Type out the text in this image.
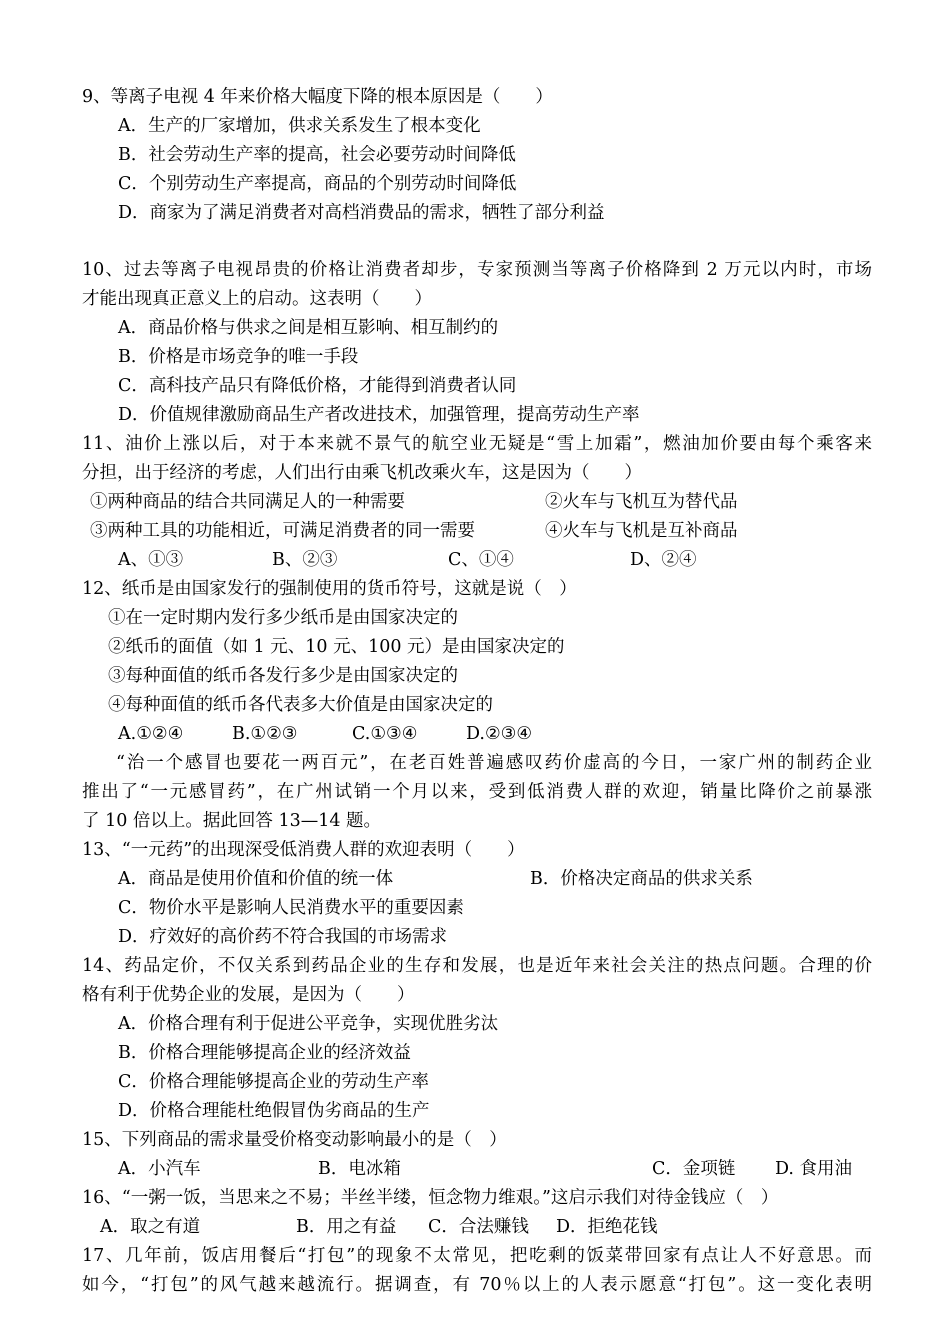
9、等离子电视 4 年来价格大幅度下降的根本原因是（　　）
A．生产的厂家增加，供求关系发生了根本变化
B．社会劳动生产率的提高，社会必要劳动时间降低
C．个别劳动生产率提高，商品的个别劳动时间降低
D．商家为了满足消费者对高档消费品的需求，牺牲了部分利益
10、过去等离子电视昂贵的价格让消费者却步，专家预测当等离子价格降到 2 万元以内时，市场
才能出现真正意义上的启动。这表明（　　）
A．商品价格与供求之间是相互影响、相互制约的
B．价格是市场竞争的唯一手段
C．高科技产品只有降低价格，才能得到消费者认同
D．价值规律激励商品生产者改进技术，加强管理，提高劳动生产率
11、油价上涨以后，对于本来就不景气的航空业无疑是“雪上加霜”，燃油加价要由每个乘客来
分担，出于经济的考虑，人们出行由乘飞机改乘火车，这是因为（　　）
①两种商品的结合共同满足人的一种需要	②火车与飞机互为替代品
③两种工具的功能相近，可满足消费者的同一需要	④火车与飞机是互补商品
A、①③	B、②③	C、①④	D、②④
12、纸币是由国家发行的强制使用的货币符号，这就是说（　）
①在一定时期内发行多少纸币是由国家决定的
②纸币的面值（如 1 元、10 元、100 元）是由国家决定的
③每种面值的纸币各发行多少是由国家决定的
④每种面值的纸币各代表多大价值是由国家决定的
A.①②④	B.①②③	C.①③④	D.②③④
“治一个感冒也要花一两百元”，在老百姓普遍感叹药价虚高的今日，一家广州的制药企业
推出了“一元感冒药”，在广州试销一个月以来，受到低消费人群的欢迎，销量比降价之前暴涨
了 10 倍以上。据此回答 13—14 题。
13、“一元药”的出现深受低消费人群的欢迎表明（　　）
A．商品是使用价值和价值的统一体	B．价格决定商品的供求关系
C．物价水平是影响人民消费水平的重要因素
D．疗效好的高价药不符合我国的市场需求
14、药品定价，不仅关系到药品企业的生存和发展，也是近年来社会关注的热点问题。合理的价
格有利于优势企业的发展，是因为（　　）
A．价格合理有利于促进公平竞争，实现优胜劣汰
B．价格合理能够提高企业的经济效益
C．价格合理能够提高企业的劳动生产率
D．价格合理能杜绝假冒伪劣商品的生产
15、下列商品的需求量受价格变动影响最小的是（　）
A．小汽车	B．电冰箱	C．金项链 D. 食用油
16、“一粥一饭，当思来之不易；半丝半缕，恒念物力维艰。”这启示我们对待金钱应（　）
A．取之有道	B．用之有益 C．合法赚钱 D．拒绝花钱
17、几年前，饭店用餐后“打包”的现象不太常见，把吃剩的饭菜带回家有点让人不好意思。而
如今，“打包”的风气越来越流行。据调查，有 70％以上的人表示愿意“打包”。这一变化表明
